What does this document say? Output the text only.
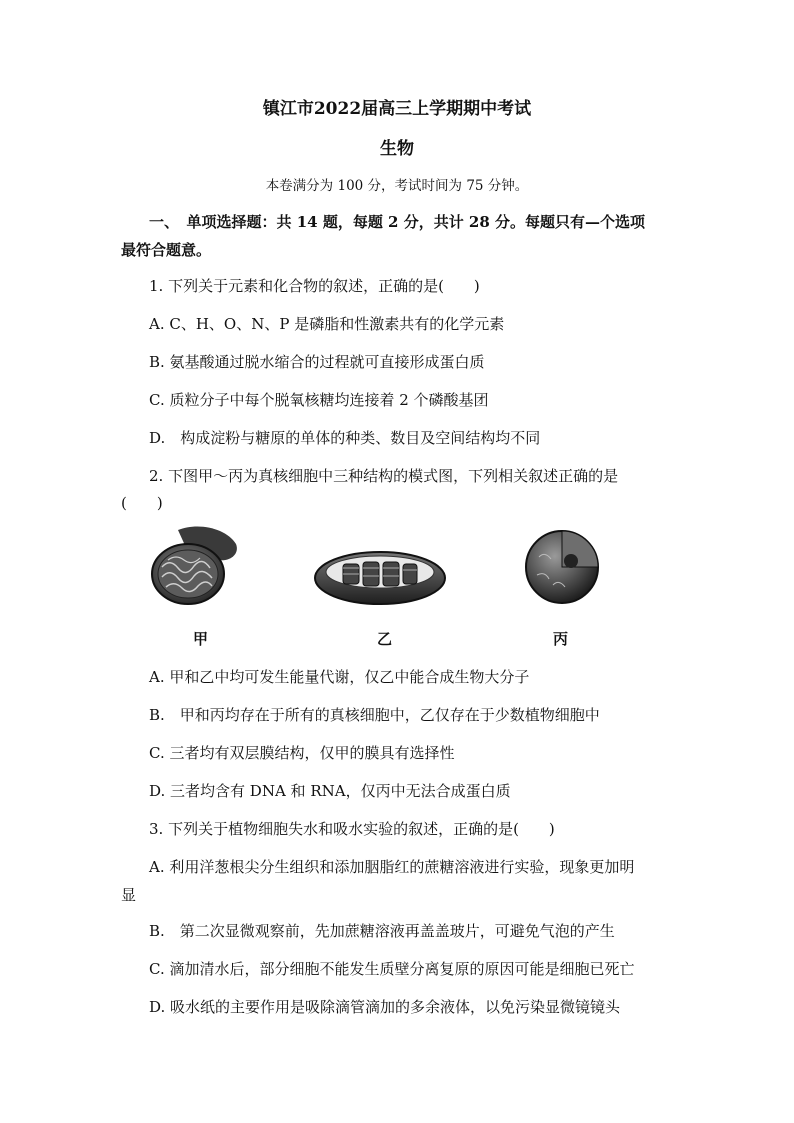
镇江市2022届高三上学期期中考试
生物
本卷满分为 100 分，考试时间为 75 分钟。
一、　单项选择题：共 14 题，每题 2 分，共计 28 分。每题只有—个选项
最符合题意。
1. 下列关于元素和化合物的叙述，正确的是(　　)
A. C、H、O、N、P 是磷脂和性激素共有的化学元素
B. 氨基酸通过脱水缩合的过程就可直接形成蛋白质
C. 质粒分子中每个脱氧核糖均连接着 2 个磷酸基团
D.　构成淀粉与糖原的单体的种类、数目及空间结构均不同
2. 下图甲～丙为真核细胞中三种结构的模式图，下列相关叙述正确的是
(　　)
甲	乙	丙
A. 甲和乙中均可发生能量代谢，仅乙中能合成生物大分子
B.　甲和丙均存在于所有的真核细胞中，乙仅存在于少数植物细胞中
C. 三者均有双层膜结构，仅甲的膜具有选择性
D. 三者均含有 DNA 和 RNA，仅丙中无法合成蛋白质
3. 下列关于植物细胞失水和吸水实验的叙述，正确的是(　　)
A. 利用洋葱根尖分生组织和添加胭脂红的蔗糖溶液进行实验，现象更加明
显
B.　第二次显微观察前，先加蔗糖溶液再盖盖玻片，可避免气泡的产生
C. 滴加清水后，部分细胞不能发生质壁分离复原的原因可能是细胞已死亡
D. 吸水纸的主要作用是吸除滴管滴加的多余液体，以免污染显微镜镜头
